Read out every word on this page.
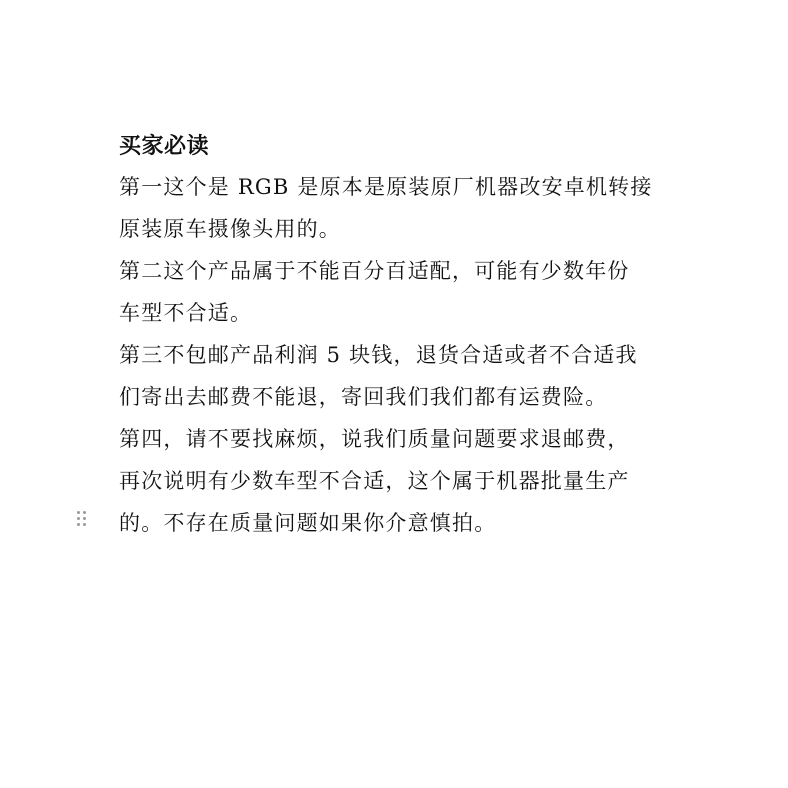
买家必读

第一这个是 RGB 是原本是原装原厂机器改安卓机转接
原装原车摄像头用的。

第二这个产品属于不能百分百适配，可能有少数年份
车型不合适。

第三不包邮产品利润 5 块钱，退货合适或者不合适我
们寄出去邮费不能退，寄回我们我们都有运费险。

第四，请不要找麻烦，说我们质量问题要求退邮费，
再次说明有少数车型不合适，这个属于机器批量生产
的。不存在质量问题如果你介意慎拍。
